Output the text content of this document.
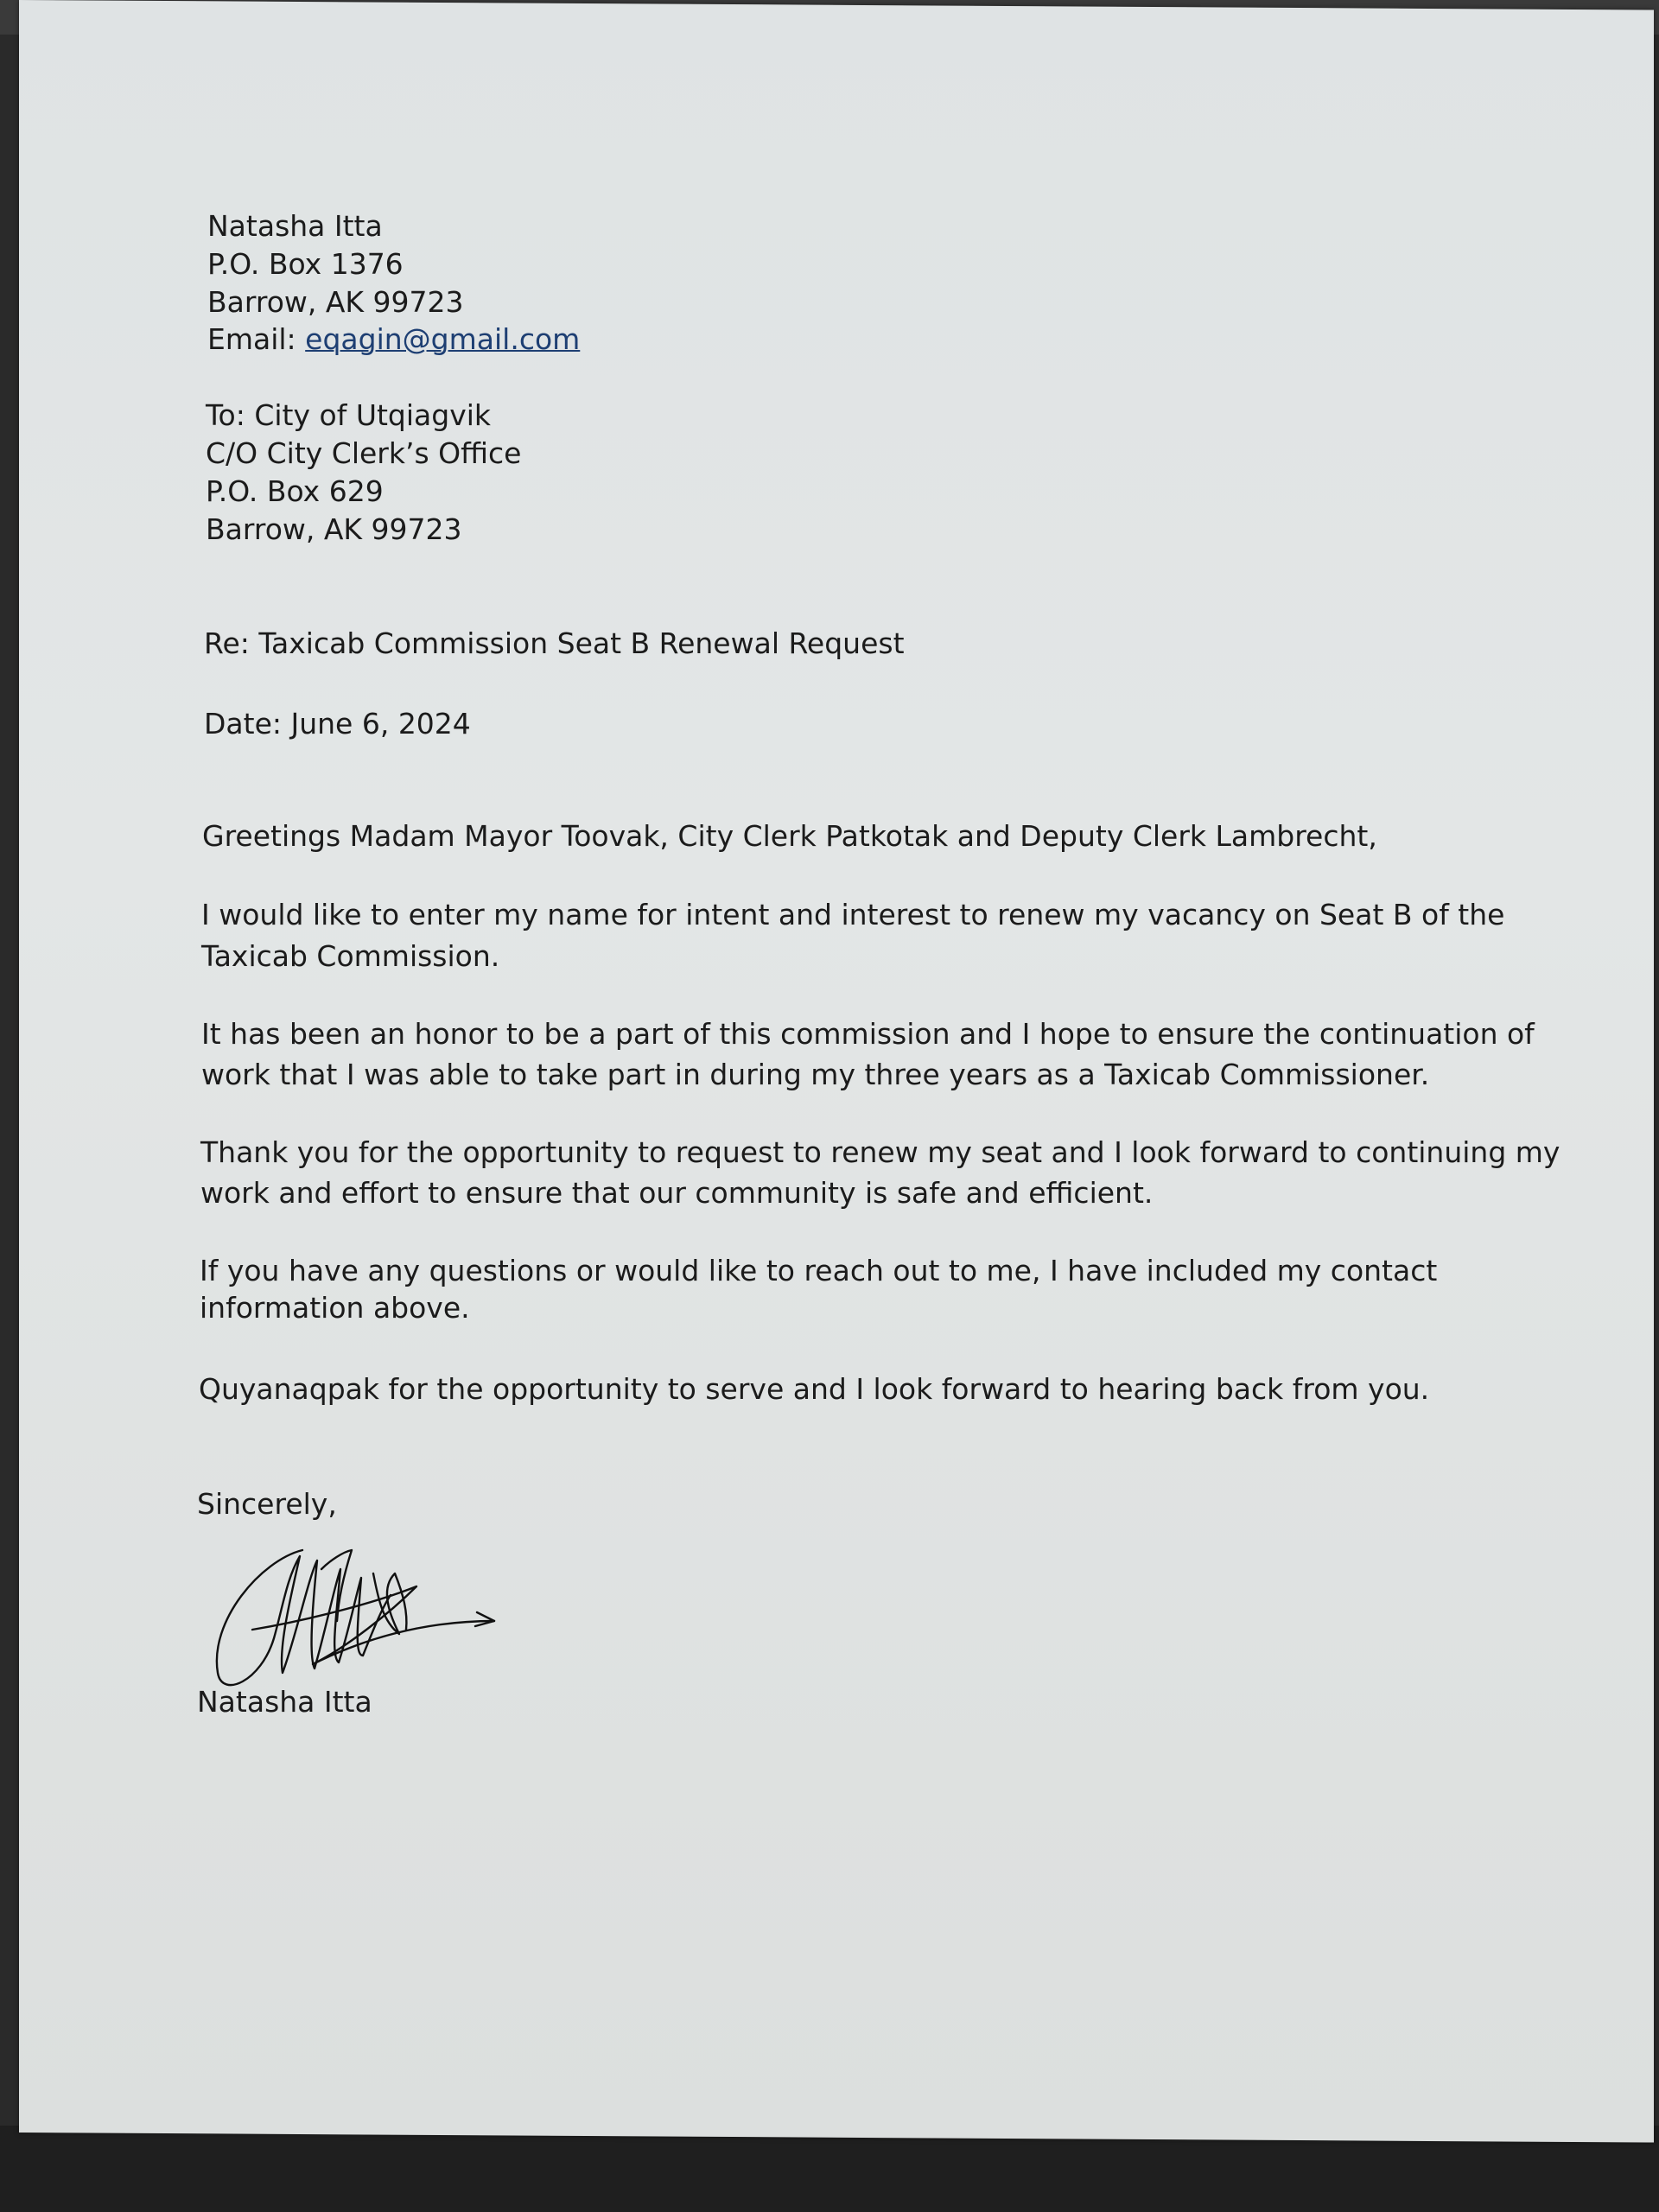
Natasha Itta
P.O. Box 1376
Barrow, AK 99723
Email: eqagin@gmail.com
To: City of Utqiagvik
C/O City Clerk’s Office
P.O. Box 629
Barrow, AK 99723
Re: Taxicab Commission Seat B Renewal Request
Date: June 6, 2024
Greetings Madam Mayor Toovak, City Clerk Patkotak and Deputy Clerk Lambrecht,
I would like to enter my name for intent and interest to renew my vacancy on Seat B of the
Taxicab Commission.
It has been an honor to be a part of this commission and I hope to ensure the continuation of
work that I was able to take part in during my three years as a Taxicab Commissioner.
Thank you for the opportunity to request to renew my seat and I look forward to continuing my
work and effort to ensure that our community is safe and efficient.
If you have any questions or would like to reach out to me, I have included my contact
information above.
Quyanaqpak for the opportunity to serve and I look forward to hearing back from you.
Sincerely,
Natasha Itta
